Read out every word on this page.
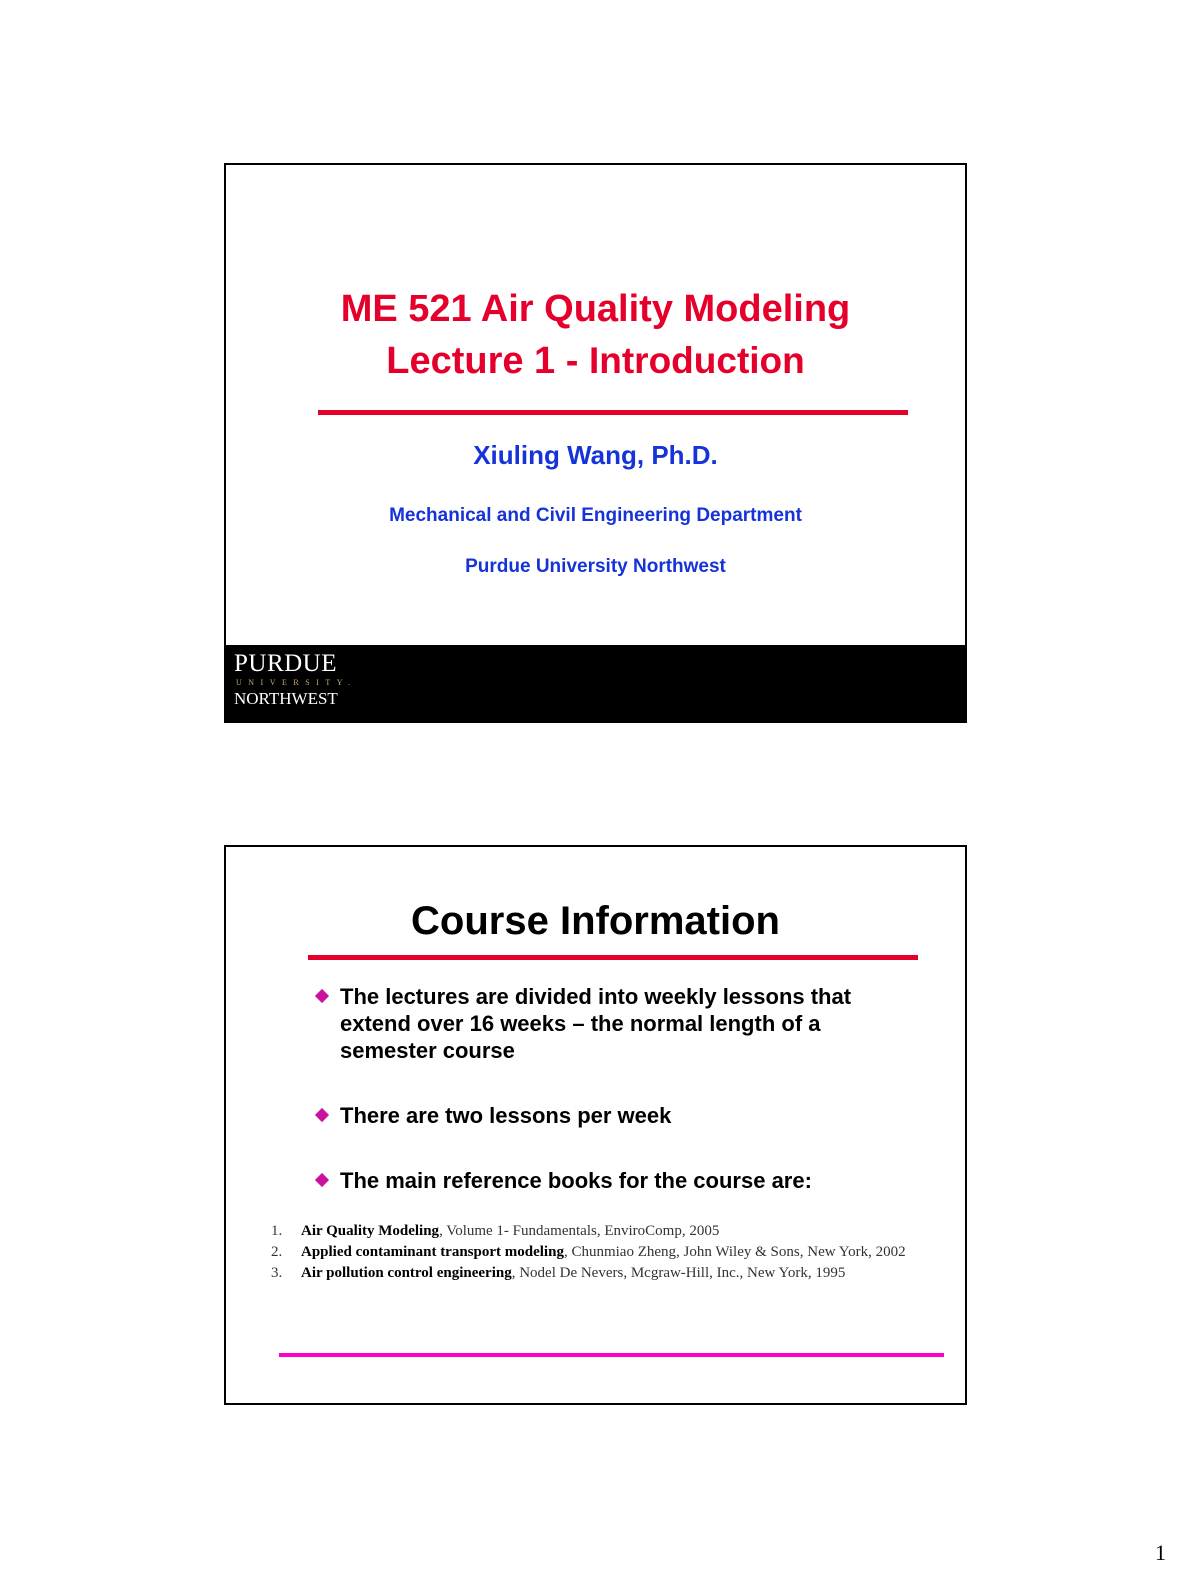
ME 521 Air Quality Modeling
Lecture 1 - Introduction
Xiuling Wang, Ph.D.
Mechanical and Civil Engineering Department
Purdue University Northwest
PURDUE
UNIVERSITY.
NORTHWEST
Course Information
The lectures are divided into weekly lessons that extend over 16 weeks – the normal length of a semester course
There are two lessons per week
The main reference books for the course are:
1. Air Quality Modeling, Volume 1- Fundamentals, EnviroComp, 2005
2. Applied contaminant transport modeling, Chunmiao Zheng, John Wiley & Sons, New York, 2002
3. Air pollution control engineering, Nodel De Nevers, Mcgraw-Hill, Inc., New York, 1995
1
